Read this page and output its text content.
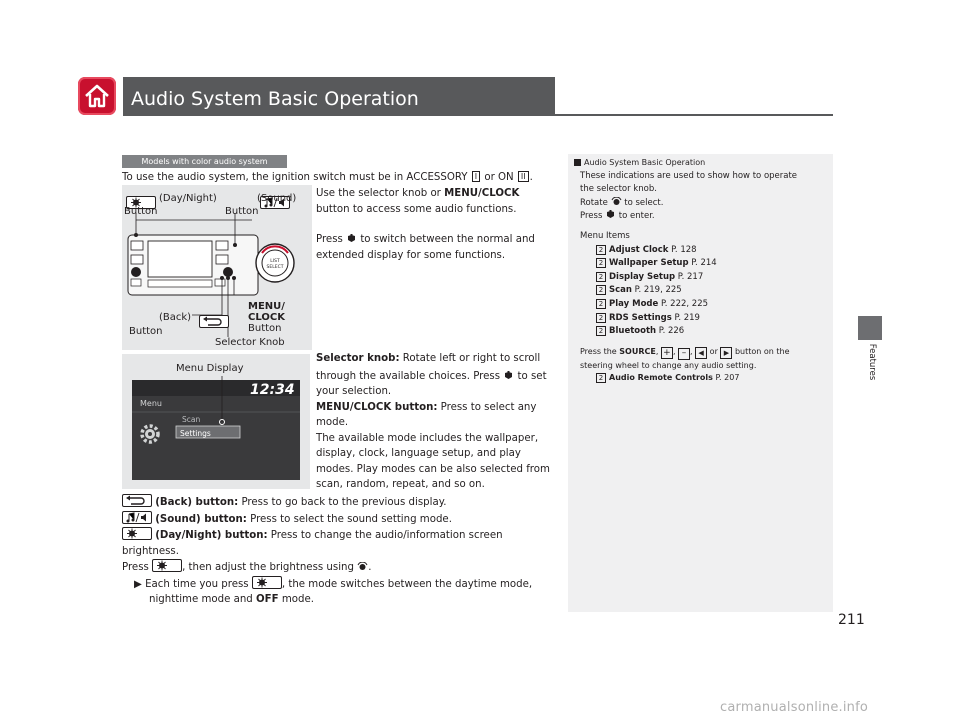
Audio System Basic Operation
Features
211
Models with color audio system
To use the audio system, the ignition switch must be in ACCESSORY I or ON II .
Use the selector knob or MENU/CLOCK
button to access some audio functions.
Press to switch between the normal and
extended display for some functions.
LIST
SELECT

(Day/Night)
Button

(Sound)
Button
(Back)
Button
MENU/
CLOCK
Button
Selector Knob
Menu Display
12:34
Menu
Scan
Settings
Selector knob: Rotate left or right to scroll
through the available choices. Press to set
your selection.
MENU/CLOCK button: Press to select any
mode.
The available mode includes the wallpaper,
display, clock, language setup, and play
modes. Play modes can be also selected from
scan, random, repeat, and so on.
(Back) button: Press to go back to the previous display.
(Sound) button: Press to select the sound setting mode.
(Day/Night) button: Press to change the audio/information screen
brightness.
Press	, then adjust the brightness using .
▶ Each time you press	, the mode switches between the daytime mode,
nighttime mode and OFF mode.
Audio System Basic Operation
These indications are used to show how to operate
the selector knob.
Rotate to select.
Press to enter.
Menu Items
2 Adjust Clock P. 128
2 Wallpaper Setup P. 214
2 Display Setup P. 217
2 Scan P. 219, 225
2 Play Mode P. 222, 225
2 RDS Settings P. 219
2 Bluetooth P. 226
Press the SOURCE, + , – , ◀ or ▶ button on the
steering wheel to change any audio setting.
2 Audio Remote Controls P. 207
carmanualsonline.info
